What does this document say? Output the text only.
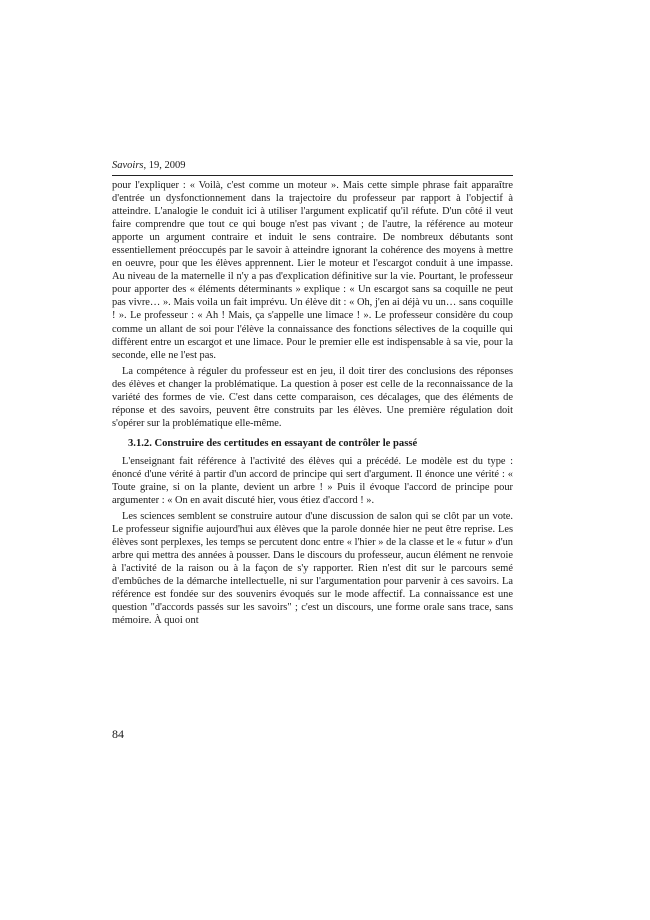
Savoirs, 19, 2009

pour l'expliquer : « Voilà, c'est comme un moteur ». Mais cette simple phrase fait apparaître d'entrée un dysfonctionnement dans la trajectoire du professeur par rapport à l'objectif à atteindre. L'analogie le conduit ici à utiliser l'argument explicatif qu'il réfute. D'un côté il veut faire comprendre que tout ce qui bouge n'est pas vivant ; de l'autre, la référence au moteur apporte un argument contraire et induit le sens contraire. De nombreux débutants sont essentiellement préoccupés par le savoir à atteindre ignorant la cohérence des moyens à mettre en oeuvre, pour que les élèves apprennent. Lier le moteur et l'escargot conduit à une impasse. Au niveau de la maternelle il n'y a pas d'explication définitive sur la vie. Pourtant, le professeur pour apporter des « éléments déterminants » explique : « Un escargot sans sa coquille ne peut pas vivre… ». Mais voila un fait imprévu. Un élève dit : « Oh, j'en ai déjà vu un… sans coquille ! ». Le professeur : « Ah ! Mais, ça s'appelle une limace ! ». Le professeur considère du coup comme un allant de soi pour l'élève la connaissance des fonctions sélectives de la coquille qui diffèrent entre un escargot et une limace. Pour le premier elle est indispensable à sa vie, pour la seconde, elle ne l'est pas.

La compétence à réguler du professeur est en jeu, il doit tirer des conclusions des réponses des élèves et changer la problématique. La question à poser est celle de la reconnaissance de la variété des formes de vie. C'est dans cette comparaison, ces décalages, que des éléments de réponse et des savoirs, peuvent être construits par les élèves. Une première régulation doit s'opérer sur la problématique elle-même.

3.1.2. Construire des certitudes en essayant de contrôler le passé

L'enseignant fait référence à l'activité des élèves qui a précédé. Le modèle est du type : énoncé d'une vérité à partir d'un accord de principe qui sert d'argument. Il énonce une vérité : « Toute graine, si on la plante, devient un arbre ! » Puis il évoque l'accord de principe pour argumenter : « On en avait discuté hier, vous étiez d'accord ! ».

Les sciences semblent se construire autour d'une discussion de salon qui se clôt par un vote. Le professeur signifie aujourd'hui aux élèves que la parole donnée hier ne peut être reprise. Les élèves sont perplexes, les temps se percutent donc entre « l'hier » de la classe et le « futur » d'un arbre qui mettra des années à pousser. Dans le discours du professeur, aucun élément ne renvoie à l'activité de la raison ou à la façon de s'y rapporter. Rien n'est dit sur le parcours semé d'embûches de la démarche intellectuelle, ni sur l'argumentation pour parvenir à ces savoirs. La référence est fondée sur des souvenirs évoqués sur le mode affectif. La connaissance est une question "d'accords passés sur les savoirs" ; c'est un discours, une forme orale sans trace, sans mémoire. À quoi ont

84
